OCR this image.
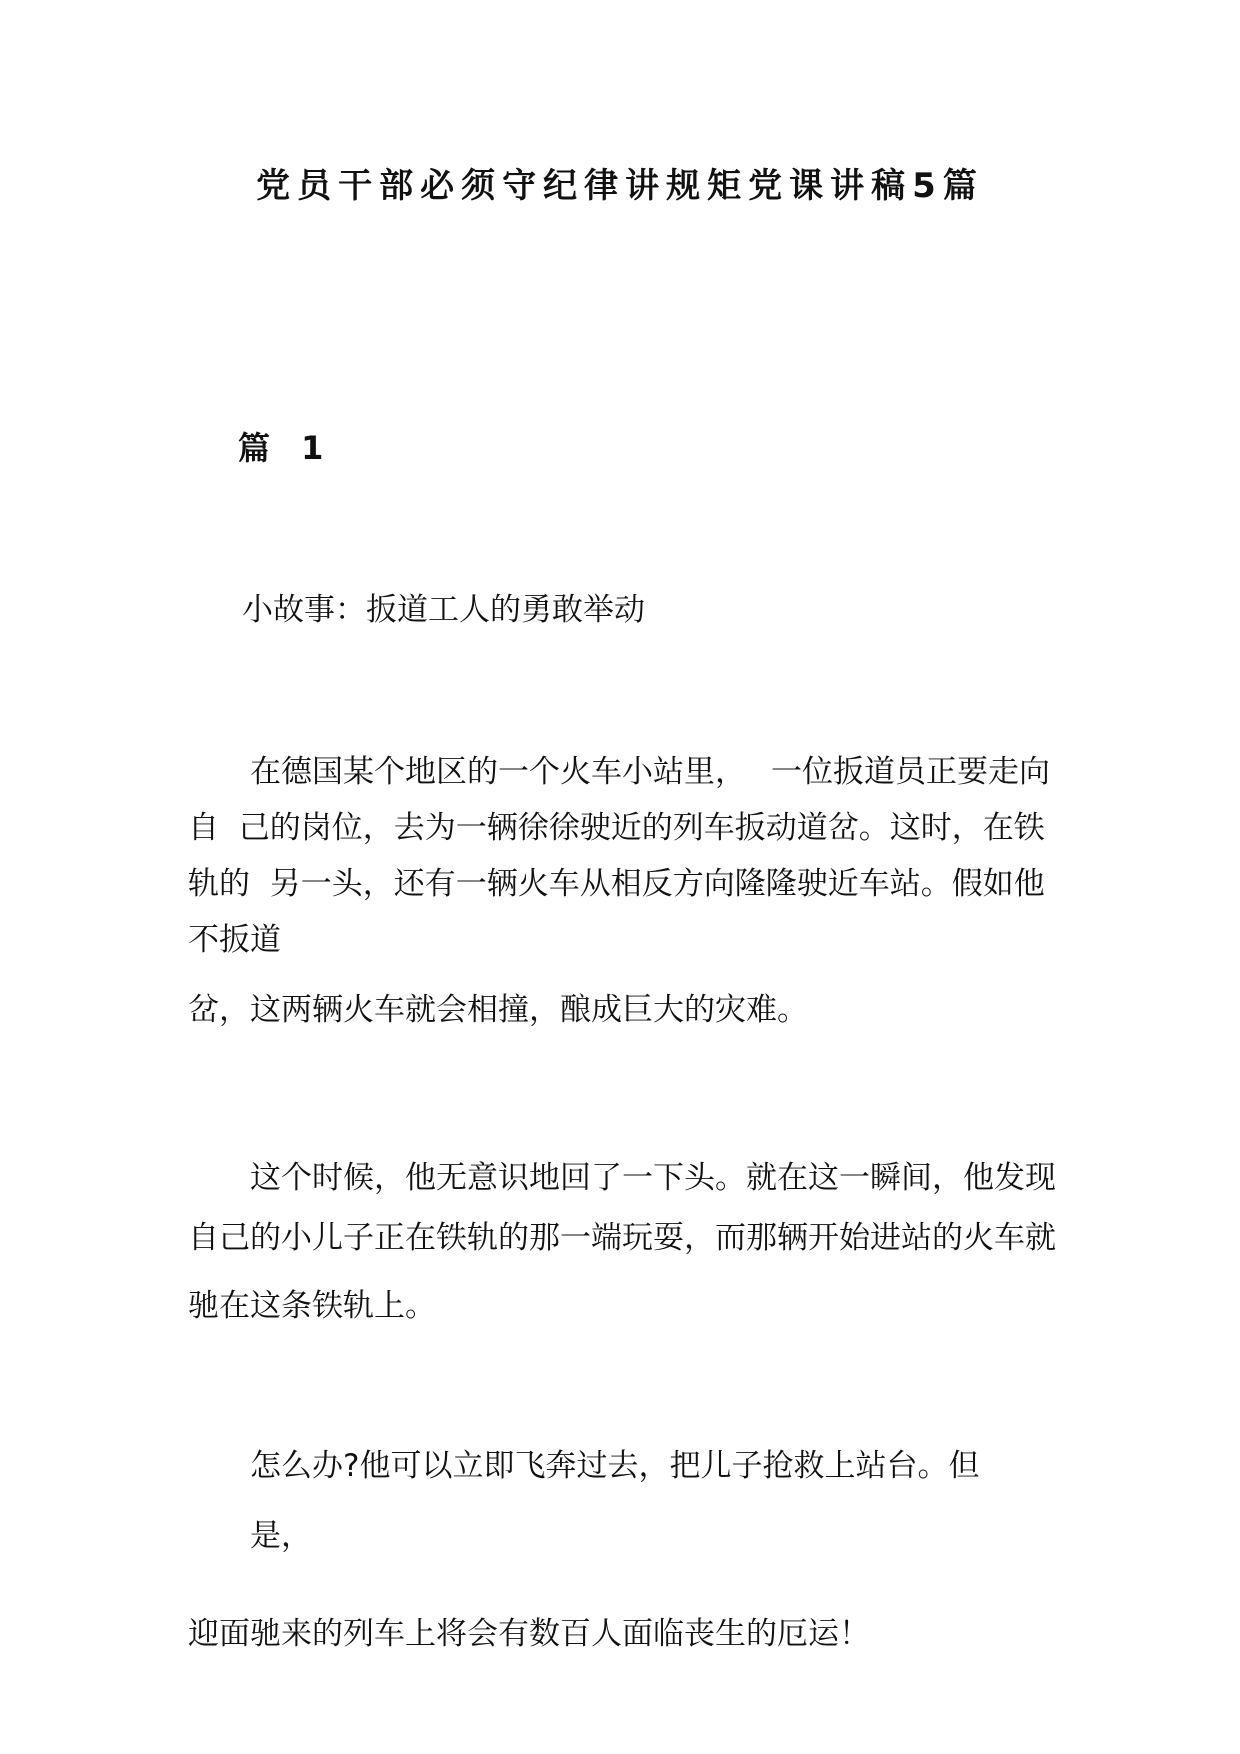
党员干部必须守纪律讲规矩党课讲稿5篇
篇 1
小故事：扳道工人的勇敢举动
在德国某个地区的一个火车小站里， 一位扳道员正要走向
自  己的岗位，去为一辆徐徐驶近的列车扳动道岔。这时，在铁
轨的  另一头，还有一辆火车从相反方向隆隆驶近车站。假如他
不扳道
岔，这两辆火车就会相撞，酿成巨大的灾难。
这个时候，他无意识地回了一下头。就在这一瞬间，他发现
自己的小儿子正在铁轨的那一端玩耍，而那辆开始进站的火车就
驰在这条铁轨上。
怎么办?他可以立即飞奔过去，把儿子抢救上站台。但
是，
迎面驰来的列车上将会有数百人面临丧生的厄运！
